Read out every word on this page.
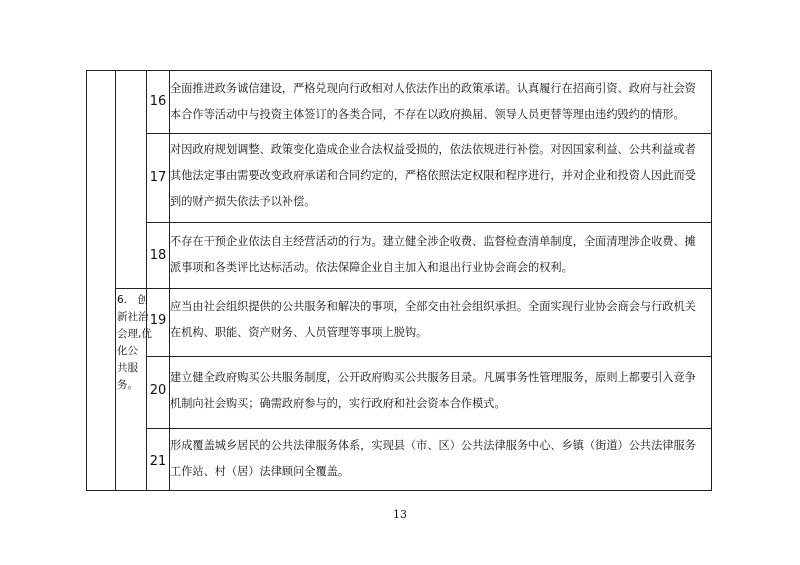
6.　创
新社治
会理,优
化公
共服
务。
16
全面推进政务诚信建设，严格兑现向行政相对人依法作出的政策承诺。认真履行在招商引资、政府与社会资
本合作等活动中与投资主体签订的各类合同，不存在以政府换届、领导人员更替等理由违约毁约的情形。
17
对因政府规划调整、政策变化造成企业合法权益受损的，依法依规进行补偿。对因国家利益、公共利益或者
其他法定事由需要改变政府承诺和合同约定的，严格依照法定权限和程序进行，并对企业和投资人因此而受
到的财产损失依法予以补偿。
18
不存在干预企业依法自主经营活动的行为。建立健全涉企收费、监督检查清单制度，全面清理涉企收费、摊
派事项和各类评比达标活动。依法保障企业自主加入和退出行业协会商会的权利。
19
应当由社会组织提供的公共服务和解决的事项，全部交由社会组织承担。全面实现行业协会商会与行政机关
在机构、职能、资产财务、人员管理等事项上脱钩。
20
建立健全政府购买公共服务制度，公开政府购买公共服务目录。凡属事务性管理服务，原则上都要引入竞争
机制向社会购买；确需政府参与的，实行政府和社会资本合作模式。
21
形成覆盖城乡居民的公共法律服务体系，实现县（市、区）公共法律服务中心、乡镇（街道）公共法律服务
工作站、村（居）法律顾问全覆盖。
13
